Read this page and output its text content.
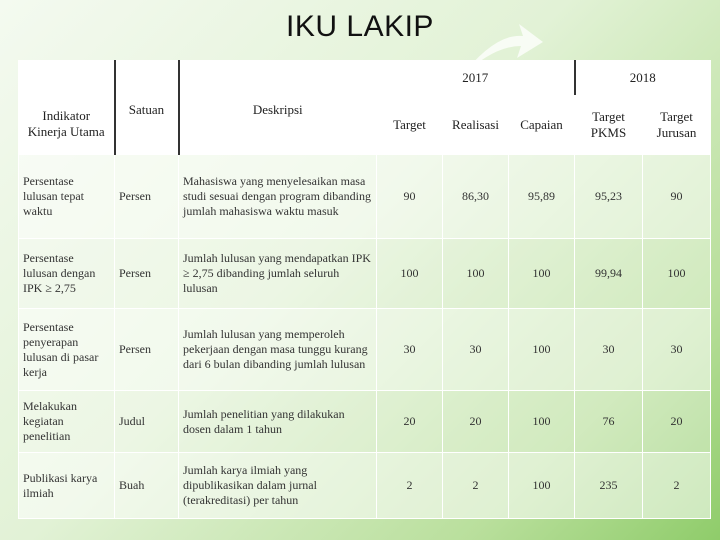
IKU LAKIP
Indikator Kinerja Utama	Satuan	Deskripsi	2017			2018	
			Target	Realisasi	Capaian	Target PKMS	Target Jurusan
Persentase lulusan tepat waktu	Persen	Mahasiswa yang menyelesaikan masa studi sesuai dengan program dibanding jumlah mahasiswa waktu masuk	90	86,30	95,89	95,23	90
Persentase lulusan dengan IPK ≥ 2,75	Persen	Jumlah lulusan yang mendapatkan IPK ≥ 2,75 dibanding jumlah seluruh lulusan	100	100	100	99,94	100
Persentase penyerapan lulusan di pasar kerja	Persen	Jumlah lulusan yang memperoleh pekerjaan dengan masa tunggu kurang dari 6 bulan dibanding jumlah lulusan	30	30	100	30	30
Melakukan kegiatan penelitian	Judul	Jumlah penelitian yang dilakukan dosen dalam 1 tahun	20	20	100	76	20
Publikasi karya ilmiah	Buah	Jumlah karya ilmiah yang dipublikasikan dalam jurnal (terakreditasi) per tahun	2	2	100	235	2
